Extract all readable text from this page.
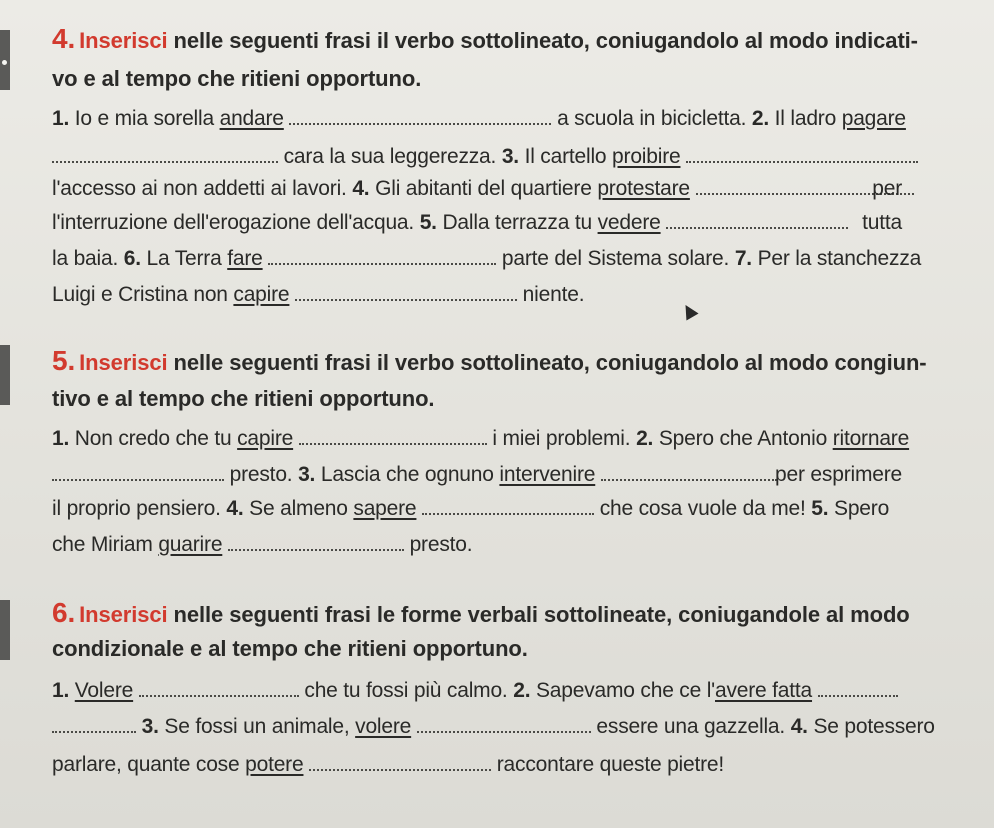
4. Inserisci nelle seguenti frasi il verbo sottolineato, coniugandolo al modo indicati-
vo e al tempo che ritieni opportuno.
1. Io e mia sorella andare	a scuola in bicicletta. 2. Il ladro pagare
cara la sua leggerezza. 3. Il cartello proibire
l'accesso ai non addetti ai lavori. 4. Gli abitanti del quartiere protestare	per
l'interruzione dell'erogazione dell'acqua. 5. Dalla terrazza tu vedere	tutta
la baia. 6. La Terra fare	parte del Sistema solare. 7. Per la stanchezza
Luigi e Cristina non capire	niente.
5. Inserisci nelle seguenti frasi il verbo sottolineato, coniugandolo al modo congiun-
tivo e al tempo che ritieni opportuno.
1. Non credo che tu capire	i miei problemi. 2. Spero che Antonio ritornare
presto. 3. Lascia che ognuno intervenire	per esprimere
il proprio pensiero. 4. Se almeno sapere	che cosa vuole da me! 5. Spero
che Miriam guarire	presto.
6. Inserisci nelle seguenti frasi le forme verbali sottolineate, coniugandole al modo
condizionale e al tempo che ritieni opportuno.
1. Volere	che tu fossi più calmo. 2. Sapevamo che ce l'avere fatta
3. Se fossi un animale, volere	essere una gazzella. 4. Se potessero
parlare, quante cose potere	raccontare queste pietre!
